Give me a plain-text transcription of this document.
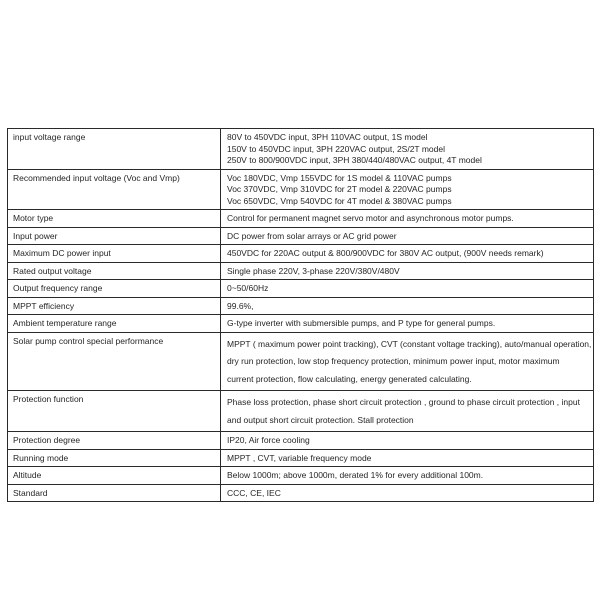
input voltage range	80V to 450VDC input, 3PH 110VAC output, 1S model
150V to 450VDC input, 3PH 220VAC output, 2S/2T model
250V to 800/900VDC input, 3PH 380/440/480VAC output, 4T model

Recommended input voltage (Voc and Vmp)	Voc 180VDC, Vmp 155VDC for 1S model & 110VAC pumps
Voc 370VDC, Vmp 310VDC for 2T model & 220VAC pumps
Voc 650VDC, Vmp 540VDC for 4T model & 380VAC pumps

Motor type	Control for permanent magnet servo motor and asynchronous motor pumps.

Input power	DC power from solar arrays or AC grid power

Maximum DC power input	450VDC for 220AC output & 800/900VDC for 380V AC output, (900V needs remark)

Rated output voltage	Single phase 220V, 3-phase 220V/380V/480V

Output frequency range	0~50/60Hz

MPPT efficiency	99.6%,

Ambient temperature range	G-type inverter with submersible pumps, and P type for general pumps.

Solar pump control special performance	MPPT ( maximum power point tracking), CVT (constant voltage tracking), auto/manual operation,
dry run protection, low stop frequency protection, minimum power input, motor maximum
current protection, flow calculating, energy generated calculating.

Protection function	Phase loss protection, phase short circuit protection , ground to phase circuit protection , input
and output short circuit protection. Stall protection

Protection degree	IP20, Air force cooling

Running mode	MPPT , CVT, variable frequency mode

Altitude	Below 1000m; above 1000m, derated 1% for every additional 100m.

Standard	CCC, CE, IEC
